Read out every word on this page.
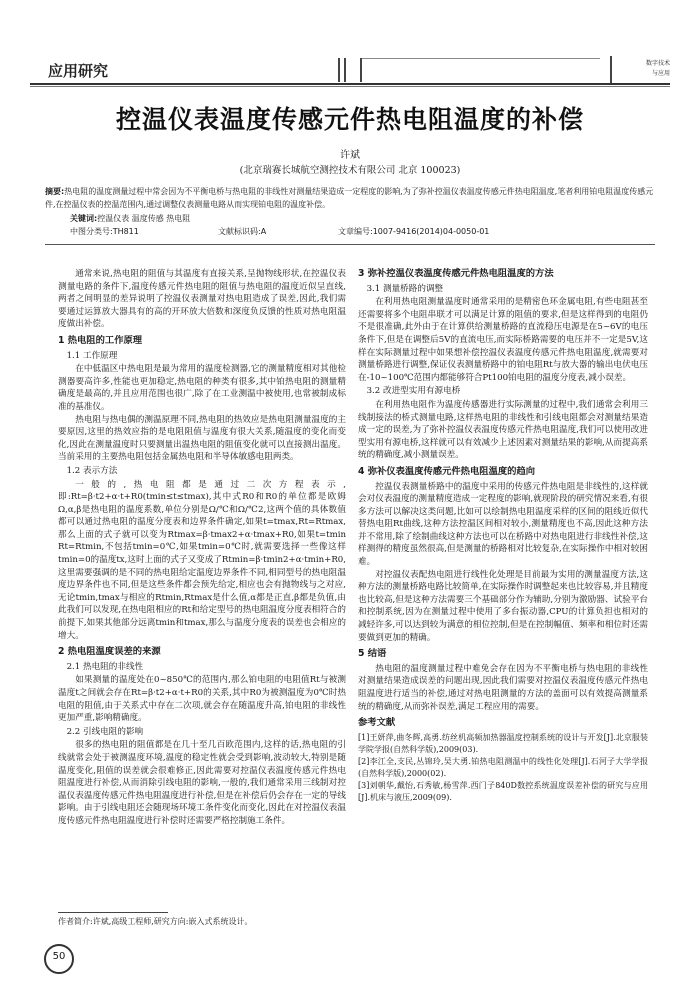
应用研究	数字技术
与应用
控温仪表温度传感元件热电阻温度的补偿
许斌
(北京瑞赛长城航空测控技术有限公司 北京 100023)
摘要:热电阻的温度测量过程中常会因为不平衡电桥与热电阻的非线性对测量结果造成一定程度的影响,为了弥补控温仪表温度传感元件热电阻温度,笔者利用铂电阻温度传感元件,在控温仪表的控温范围内,通过调整仪表测量电路从而实现铂电阻的温度补偿。
关键词:控温仪表 温度传感 热电阻
中图分类号:TH811	文献标识码:A	文章编号:1007-9416(2014)04-0050-01

通常来说,热电阻的阻值与其温度有直接关系,呈抛物线形状,在控温仪表测量电路的条件下,温度传感元件热电阻的阻值与热电阻的温度近似呈直线,两者之间明显的差异说明了控温仪表测量对热电阻造成了误差,因此,我们需要通过运算放大器具有的高的开环放大倍数和深度负反馈的性质对热电阻温度做出补偿。

1 热电阻的工作原理

1.1 工作原理

在中低温区中热电阻是最为常用的温度检测器,它的测量精度相对其他检测器要高许多,性能也更加稳定,热电阻的种类有很多,其中铂热电阻的测量精确度是最高的,并且应用范围也很广,除了在工业测温中被使用,也常被制成标准的基准仪。

热电阻与热电偶的测温原理不同,热电阻的热效应是热电阻测量温度的主要原因,这里的热效应指的是电阻阻值与温度有很大关系,随温度的变化而变化,因此在测量温度时只要测量出温热电阻的阻值变化就可以直接测出温度。当前采用的主要热电阻包括金属热电阻和半导体敏感电阻两类。

1.2 表示方法

一般的,热电阻都是通过二次方程表示,即:Rt=β·t2+α·t+R0(tmin≤t≤tmax),其中式R0和R0的单位都是欧姆Ω,α,β是热电阻的温度系数,单位分别是Ω/℃和Ω/℃2,这两个值的具体数值都可以通过热电阻的温度分度表和边界条件确定,如果t=tmax,Rt=Rtmax,那么上面的式子就可以变为Rtmax=β·tmax2+α·tmax+R0,如果t=tmin Rt=Rtmin,不包括tmin=0℃,如果tmin=0℃时,就需要选择一些像这样tmin=0的温度tx,这时上面的式子又变成了Rtmin=β·tmin2+α·tmin+R0,这里需要强调的是不同的热电阻给定温度边界条件不同,相同型号的热电阻温度边界条件也不同,但是这些条件都会预先给定,相应也会有抛物线与之对应,无论tmin,tmax与相应的Rtmin,Rtmax是什么值,α都是正直,β都是负值,由此我们可以发现,在热电阻相应的Rt和给定型号的热电阻温度分度表相符合的前提下,如果其他部分远离tmin和tmax,那么与温度分度表的误差也会相应的增大。

2 热电阻温度误差的来源

2.1 热电阻的非线性

如果测量的温度处在0~850℃的范围内,那么铂电阻的电阻值Rt与被测温度t之间就会存在Rt=β·t2+α·t+R0的关系,其中R0为被测温度为0℃时热电阻的阻值,由于关系式中存在二次项,就会存在随温度升高,铂电阻的非线性更加严重,影响精确度。

2.2 引线电阻的影响

很多的热电阻的阻值都是在几十至几百欧范围内,这样的话,热电阻的引线就常会处于被测温度环境,温度的稳定性就会受到影响,波动较大,特别是随温度变化,阻值的误差就会很难修正,因此需要对控温仪表温度传感元件热电阻温度进行补偿,从而消除引线电阻的影响,一般的,我们通常采用三线制对控温仪表温度传感元件热电阻温度进行补偿,但是在补偿后仍会存在一定的导线影响。由于引线电阻还会随现场环境工条件变化而变化,因此在对控温仪表温度传感元件热电阻温度进行补偿时还需要严格控制施工条件。

3 弥补控温仪表温度传感元件热电阻温度的方法

3.1 测量桥路的调整

在利用热电阻测量温度时通常采用的是精密色环金属电阻,有些电阻甚至还需要将多个电阻串联才可以满足计算的阻值的要求,但是这样得到的电阻仍不是很准确,此外由于在计算供给测量桥路的直流稳压电源是在5~6V的电压条件下,但是在调整后5V的直流电压,而实际桥路需要的电压并不一定是5V,这样在实际测量过程中如果想补偿控温仪表温度传感元件热电阻温度,就需要对测量桥路进行调整,保证仪表测量桥路中的铂电阻Rt与放大器的输出电伏电压在-10~100℃范围内都能够符合Pt100铂电阻的温度分度表,减小误差。

3.2 改进型实用有源电桥

在利用热电阻作为温度传感器进行实际测量的过程中,我们通常会利用三线制接法的桥式测量电路,这样热电阻的非线性和引线电阻都会对测量结果造成一定的误差,为了弥补控温仪表温度传感元件热电阻温度,我们可以使用改进型实用有源电桥,这样就可以有效减少上述因素对测量结果的影响,从而提高系统的精确度,减小测量误差。

4 弥补仪表温度传感元件热电阻温度的趋向

控温仪表测量桥路中的温度中采用的传感元件热电阻是非线性的,这样就会对仪表温度的测量精度造成一定程度的影响,就现阶段的研究情况来看,有很多方法可以解决这类问题,比如可以绘制热电阻温度采样的区间的阻线近似代替热电阻Rt曲线,这种方法控温区间相对较小,测量精度也不高,因此这种方法并不常用,除了绘制曲线这种方法也可以在桥路中对热电阻进行非线性补偿,这样测得的精度虽然很高,但是测量的桥路相对比较复杂,在实际操作中相对较困难。

对控温仪表配热电阻进行线性化处理是目前最为实用的测量温度方法,这种方法的测量桥路电路比较简单,在实际操作时调整起来也比较容易,并且精度也比较高,但是这种方法需要三个基础部分作为辅助,分别为激励器、试验平台和控制系统,因为在测量过程中使用了多台振动器,CPU的计算负担也相对的减轻许多,可以达到较为满意的相位控制,但是在控制幅值、频率和相位时还需要做到更加的精确。

5 结语

热电阻的温度测量过程中难免会存在因为不平衡电桥与热电阻的非线性对测量结果造成误差的问题出现,因此我们需要对控温仪表温度传感元件热电阻温度进行适当的补偿,通过对热电阻测量的方法的盖面可以有效提高测量系统的精确度,从而弥补误差,满足工程应用的需要。

参考文献

[1]王妍萍,曲冬辉,高勇.纺丝机高频加热器温度控制系统的设计与开发[J].北京服装学院学报(自然科学版),2009(03).

[2]李江全,支民,丛锦玲,吴大勇.铂热电阻测温中的线性化处理[J].石河子大学学报(自然科学版),2000(02).

[3]刘朝华,戴怡,石秀敏,杨雪萍.西门子840D数控系统温度误差补偿的研究与应用[J].机床与液压,2009(09).

作者简介:许斌,高级工程师,研究方向:嵌入式系统设计。
50
